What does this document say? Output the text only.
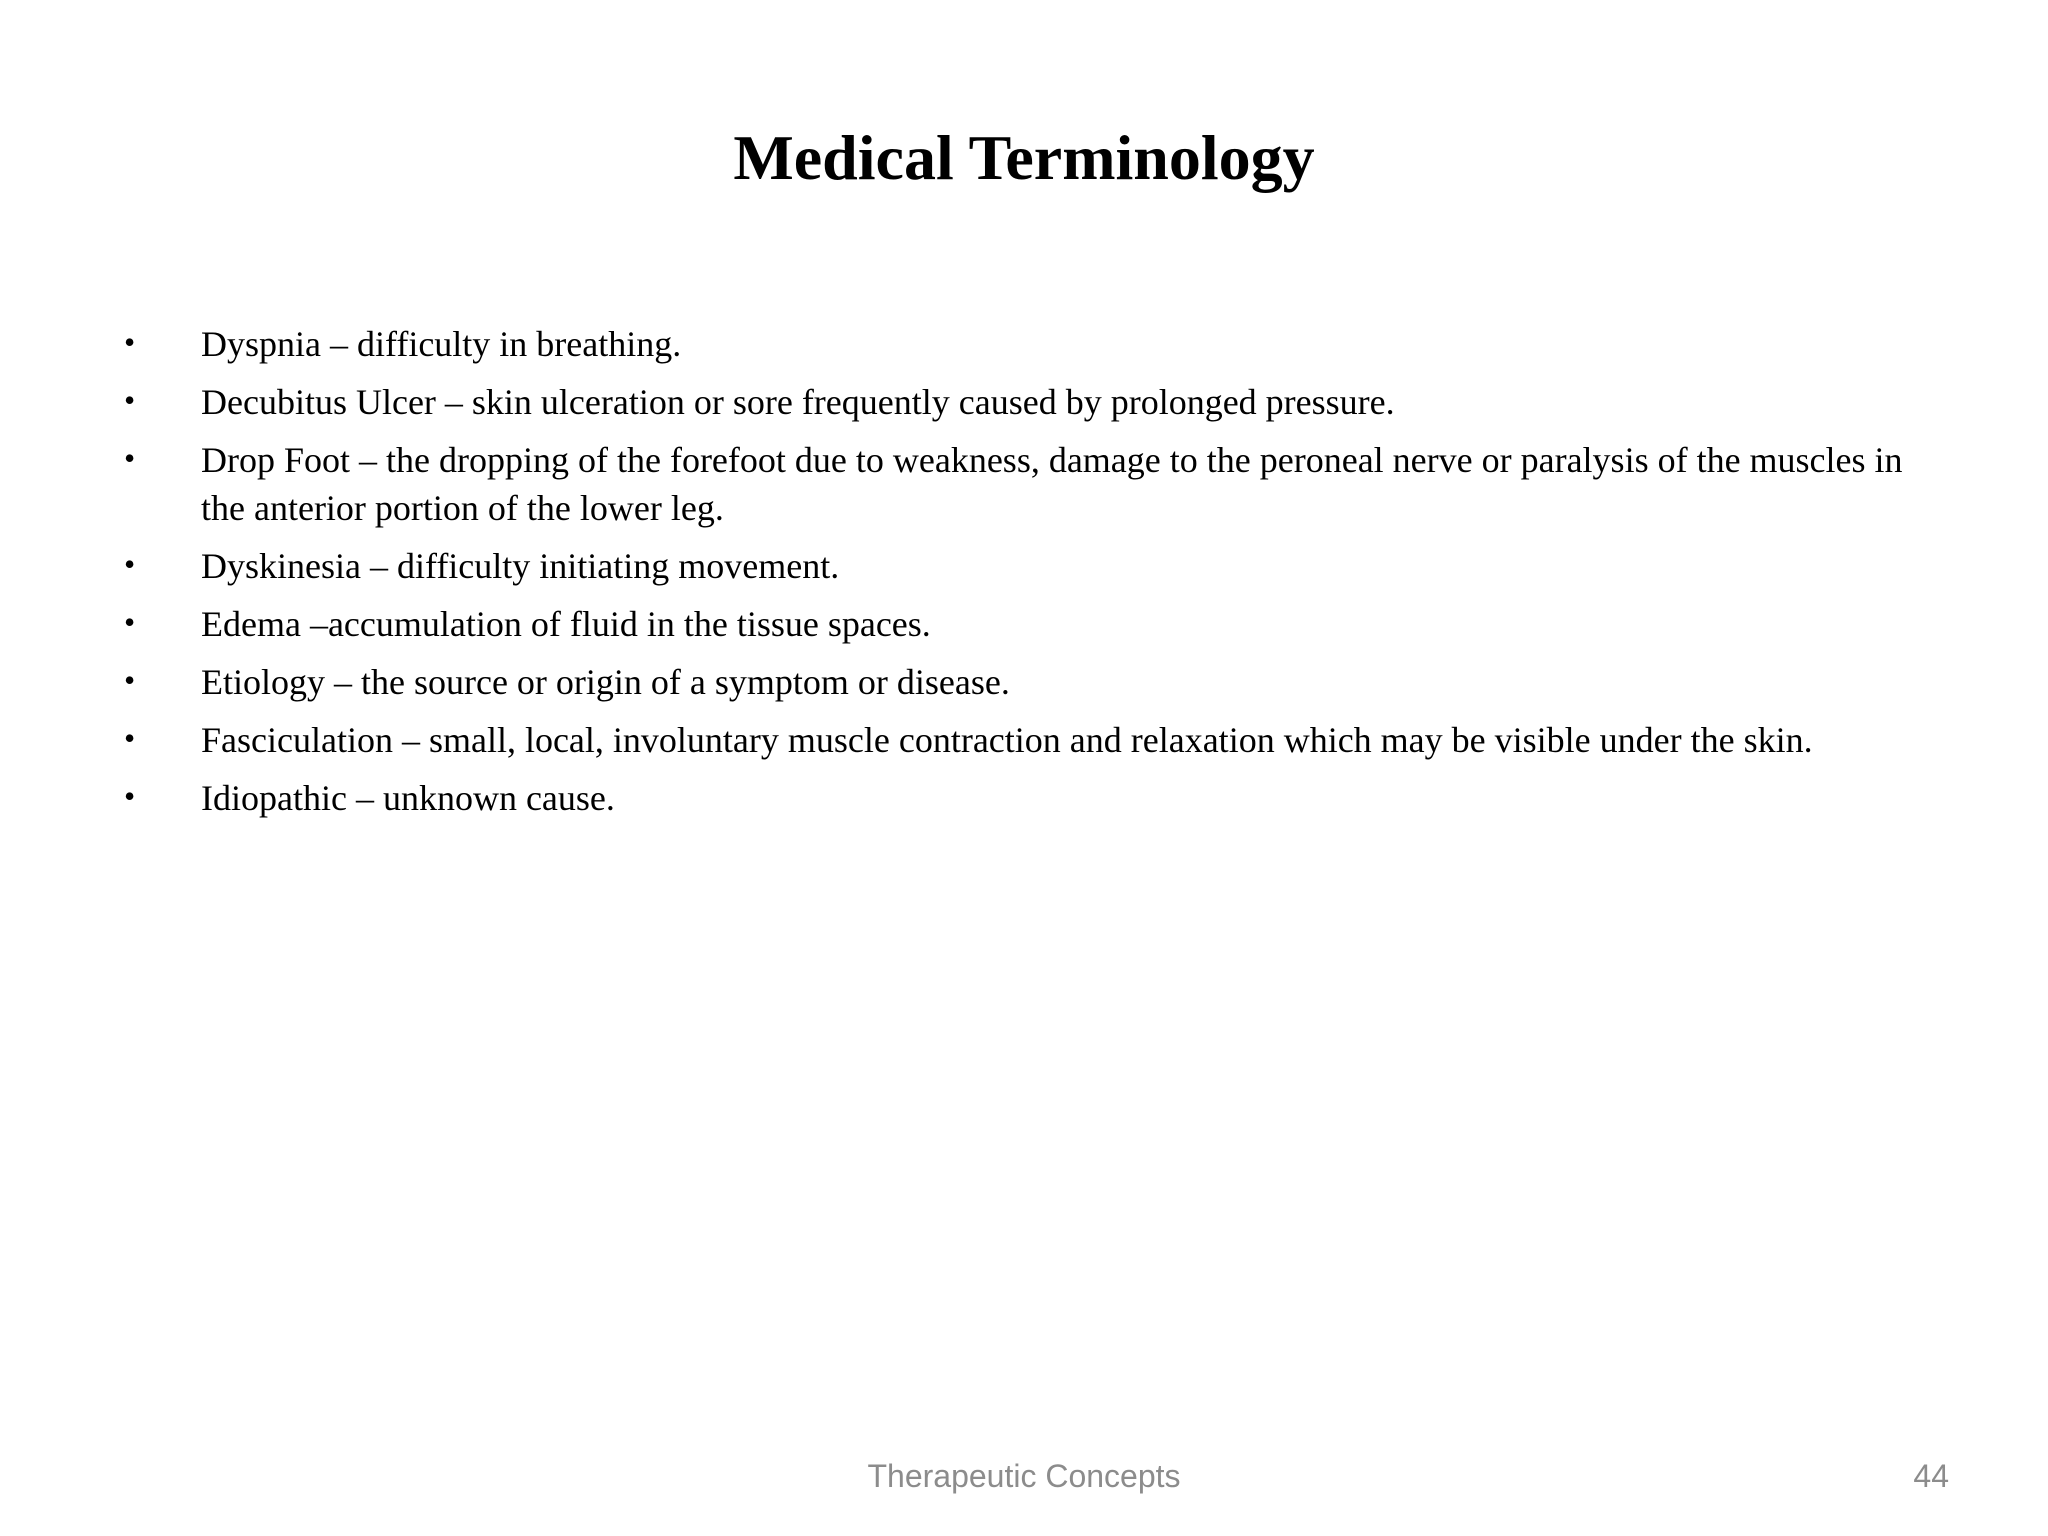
Medical Terminology
• Dyspnia – difficulty in breathing.
• Decubitus Ulcer – skin ulceration or sore frequently caused by prolonged pressure.
• Drop Foot – the dropping of the forefoot due to weakness, damage to the peroneal nerve or paralysis of the muscles in the anterior portion of the lower leg.
• Dyskinesia – difficulty initiating movement.
• Edema –accumulation of fluid in the tissue spaces.
• Etiology – the source or origin of a symptom or disease.
• Fasciculation – small, local, involuntary muscle contraction and relaxation which may be visible under the skin.
• Idiopathic – unknown cause.
Therapeutic Concepts	44
